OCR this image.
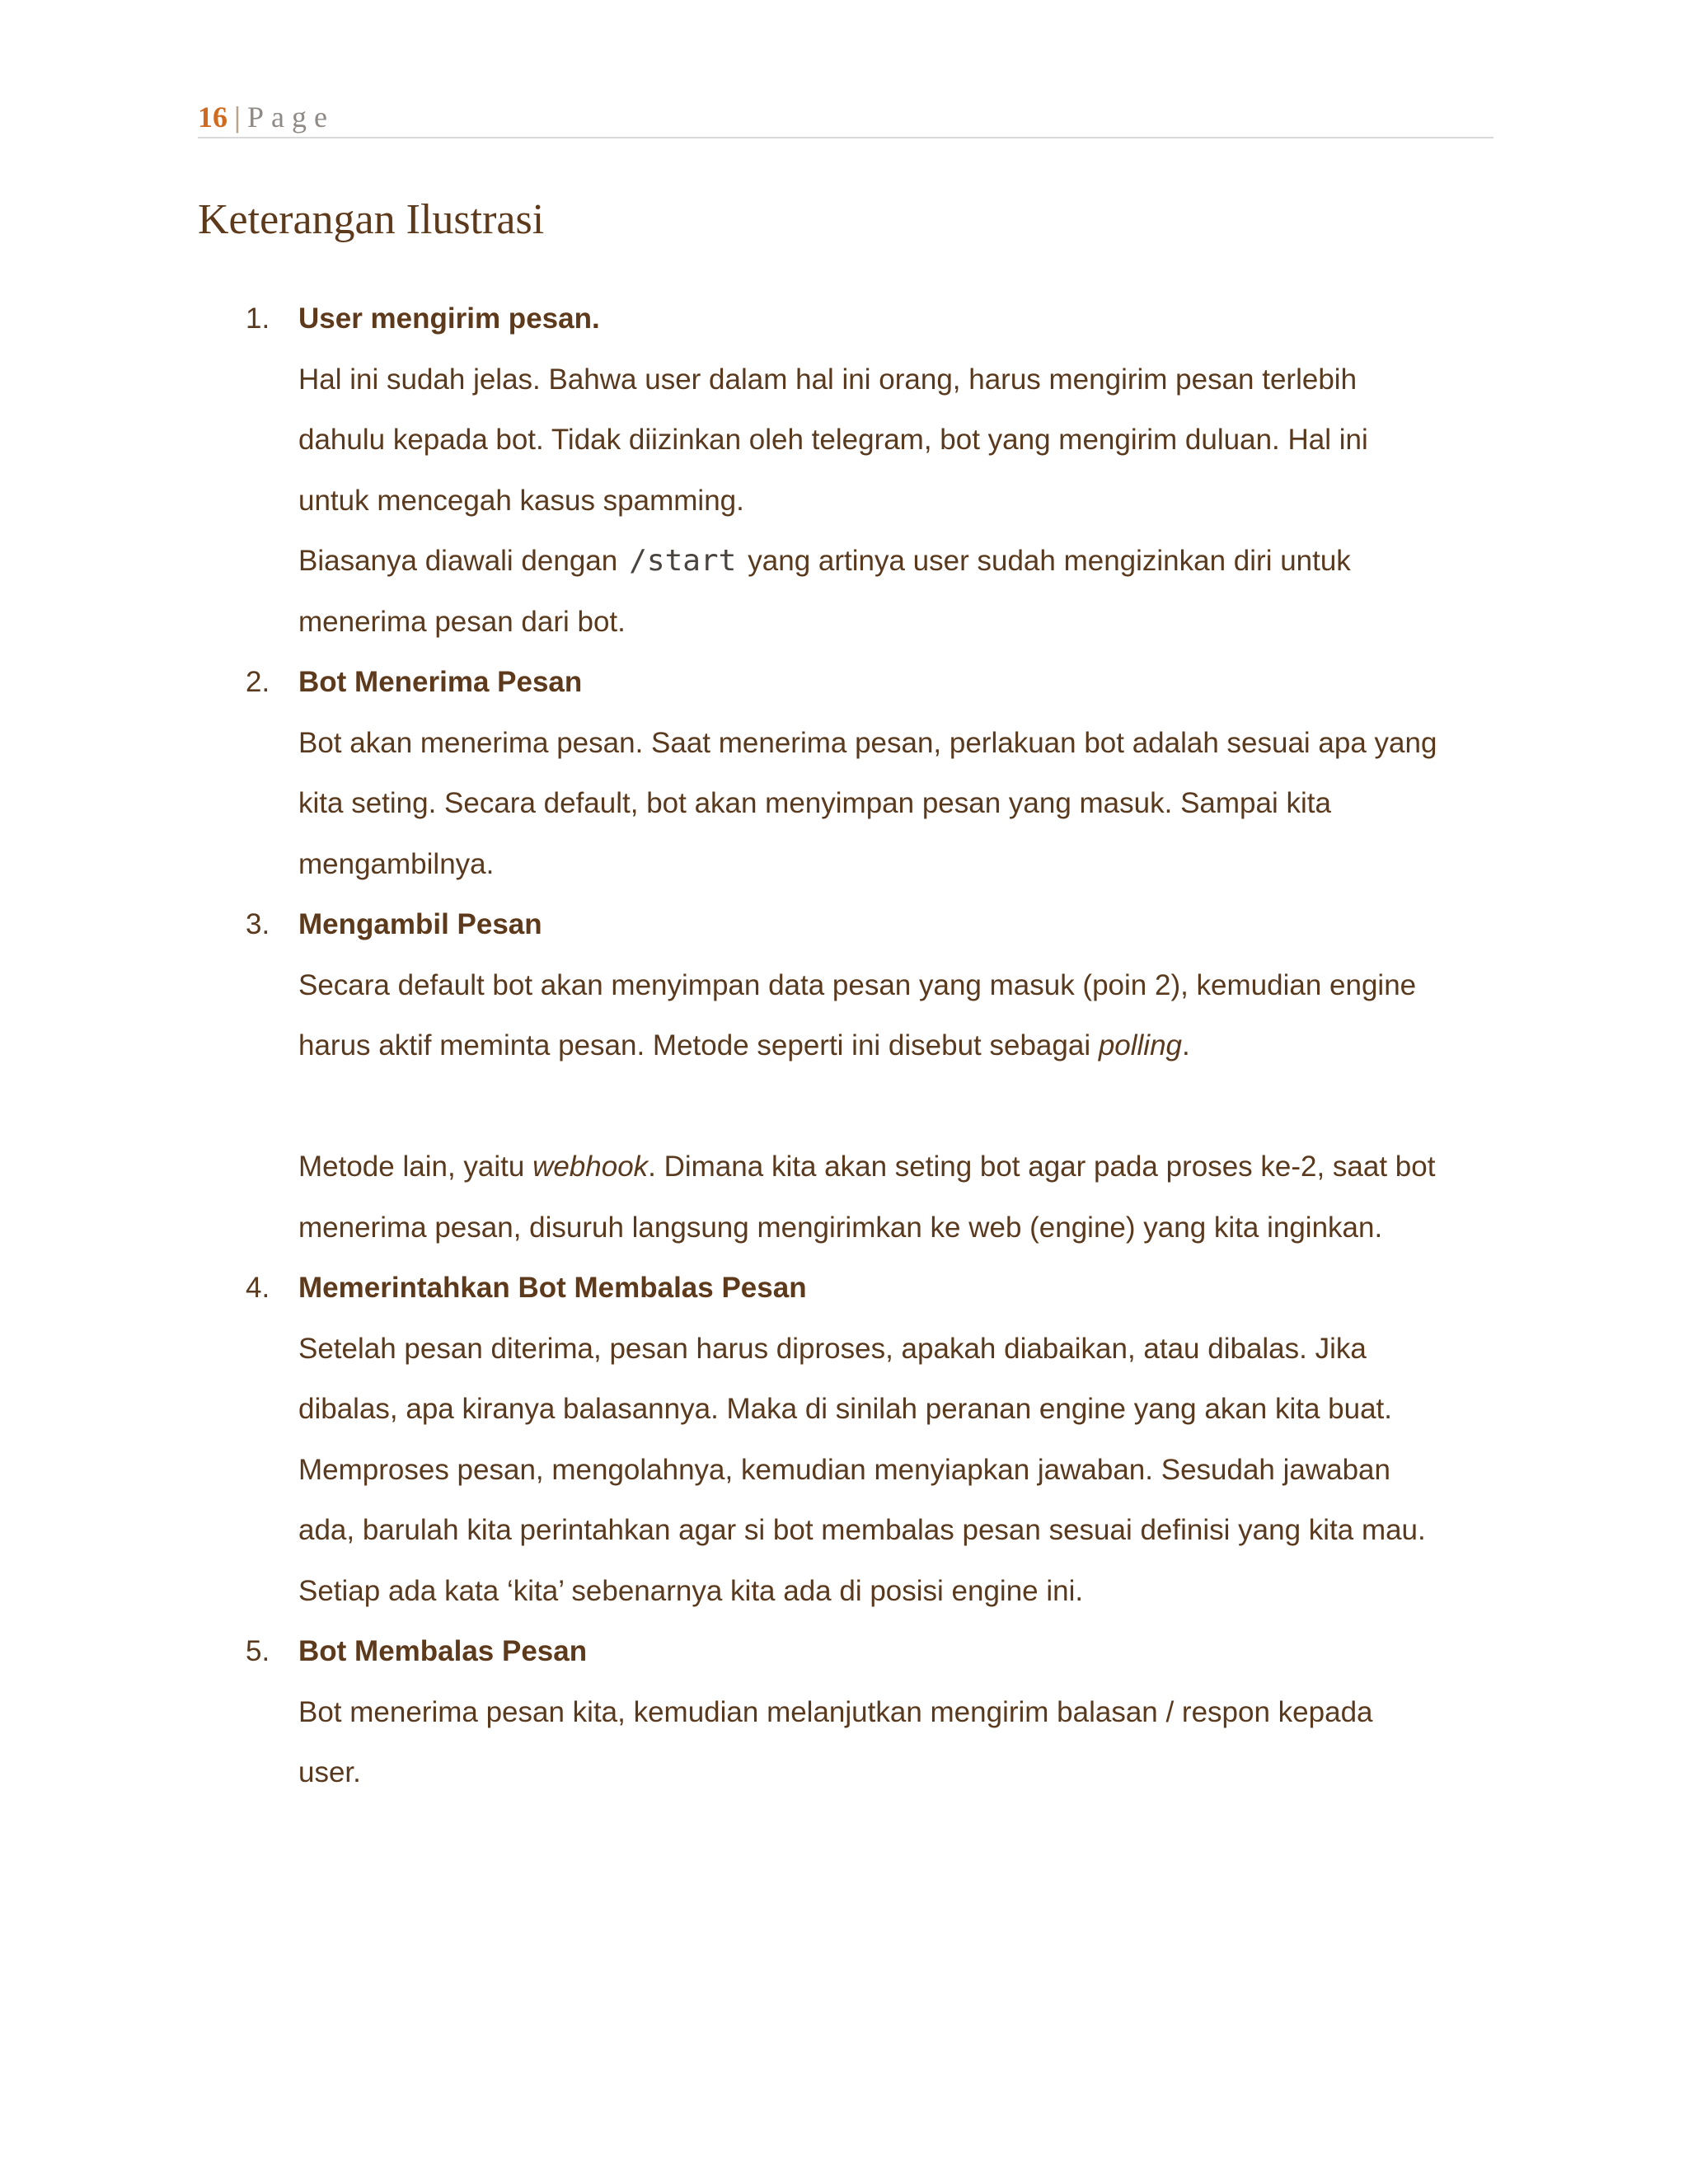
16 | Page
Keterangan Ilustrasi
1. User mengirim pesan.
Hal ini sudah jelas. Bahwa user dalam hal ini orang, harus mengirim pesan terlebih
dahulu kepada bot. Tidak diizinkan oleh telegram, bot yang mengirim duluan. Hal ini
untuk mencegah kasus spamming.
Biasanya diawali dengan /start yang artinya user sudah mengizinkan diri untuk
menerima pesan dari bot.
2. Bot Menerima Pesan
Bot akan menerima pesan. Saat menerima pesan, perlakuan bot adalah sesuai apa yang
kita seting. Secara default, bot akan menyimpan pesan yang masuk. Sampai kita
mengambilnya.
3. Mengambil Pesan
Secara default bot akan menyimpan data pesan yang masuk (poin 2), kemudian engine
harus aktif meminta pesan. Metode seperti ini disebut sebagai polling.
Metode lain, yaitu webhook. Dimana kita akan seting bot agar pada proses ke-2, saat bot
menerima pesan, disuruh langsung mengirimkan ke web (engine) yang kita inginkan.
4. Memerintahkan Bot Membalas Pesan
Setelah pesan diterima, pesan harus diproses, apakah diabaikan, atau dibalas. Jika
dibalas, apa kiranya balasannya. Maka di sinilah peranan engine yang akan kita buat.
Memproses pesan, mengolahnya, kemudian menyiapkan jawaban. Sesudah jawaban
ada, barulah kita perintahkan agar si bot membalas pesan sesuai definisi yang kita mau.
Setiap ada kata ‘kita’ sebenarnya kita ada di posisi engine ini.
5. Bot Membalas Pesan
Bot menerima pesan kita, kemudian melanjutkan mengirim balasan / respon kepada
user.
